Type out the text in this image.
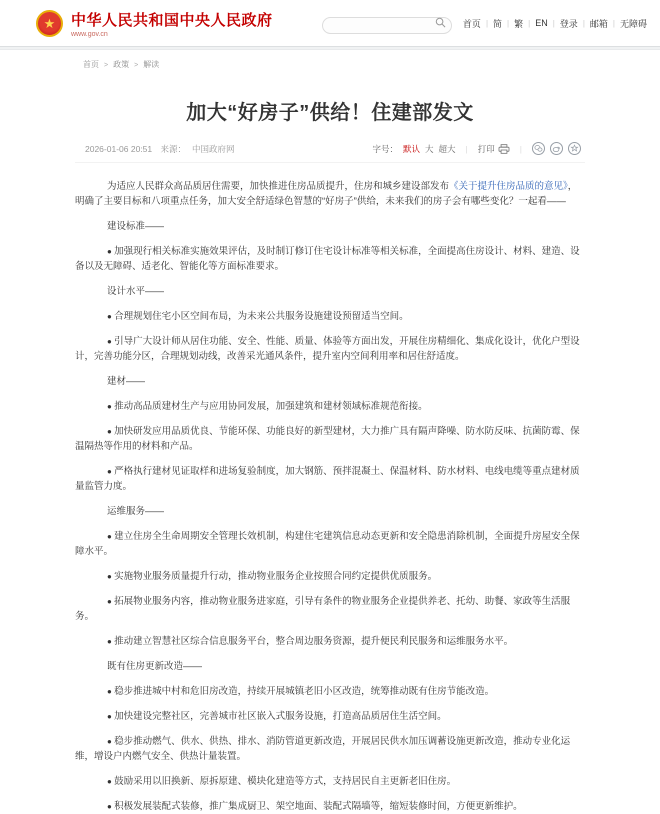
★	中华人民共和国中央人民政府
www.gov.cn
首页 | 简 | 繁 | EN | 登录 | 邮箱 | 无障碍
首页 > 政策 > 解读
加大“好房子”供给！住建部发文
2026-01-06 20:51 来源： 中国政府网	字号： 默认 大 超大 | 打印	|

为适应人民群众高品质居住需要，加快推进住房品质提升，住房和城乡建设部发布《关于提升住房品质的意见》，明确了主要目标和八项重点任务，加大安全舒适绿色智慧的“好房子”供给，未来我们的房子会有哪些变化？一起看——

建设标准——

● 加强现行相关标准实施效果评估，及时制订修订住宅设计标准等相关标准，全面提高住房设计、材料、建造、设备以及无障碍、适老化、智能化等方面标准要求。

设计水平——

● 合理规划住宅小区空间布局，为未来公共服务设施建设预留适当空间。

● 引导广大设计师从居住功能、安全、性能、质量、体验等方面出发，开展住房精细化、集成化设计，优化户型设计，完善功能分区，合理规划动线，改善采光通风条件，提升室内空间利用率和居住舒适度。

建材——

● 推动高品质建材生产与应用协同发展，加强建筑和建材领域标准规范衔接。

● 加快研发应用品质优良、节能环保、功能良好的新型建材，大力推广具有隔声降噪、防水防反味、抗菌防霉、保温隔热等作用的材料和产品。

● 严格执行建材见证取样和进场复验制度，加大钢筋、预拌混凝土、保温材料、防水材料、电线电缆等重点建材质量监管力度。

运维服务——

● 建立住房全生命周期安全管理长效机制，构建住宅建筑信息动态更新和安全隐患消除机制，全面提升房屋安全保障水平。

● 实施物业服务质量提升行动，推动物业服务企业按照合同约定提供优质服务。

● 拓展物业服务内容，推动物业服务进家庭，引导有条件的物业服务企业提供养老、托幼、助餐、家政等生活服务。

● 推动建立智慧社区综合信息服务平台，整合周边服务资源，提升便民利民服务和运维服务水平。

既有住房更新改造——

● 稳步推进城中村和危旧房改造，持续开展城镇老旧小区改造，统筹推动既有住房节能改造。

● 加快建设完整社区，完善城市社区嵌入式服务设施，打造高品质居住生活空间。

● 稳步推动燃气、供水、供热、排水、消防管道更新改造，开展居民供水加压调蓄设施更新改造，推动专业化运维，增设户内燃气安全、供热计量装置。

● 鼓励采用以旧换新、原拆原建、模块化建造等方式，支持居民自主更新老旧住房。

● 积极发展装配式装修，推广集成厨卫、架空地面、装配式隔墙等，缩短装修时间，方便更新维护。
